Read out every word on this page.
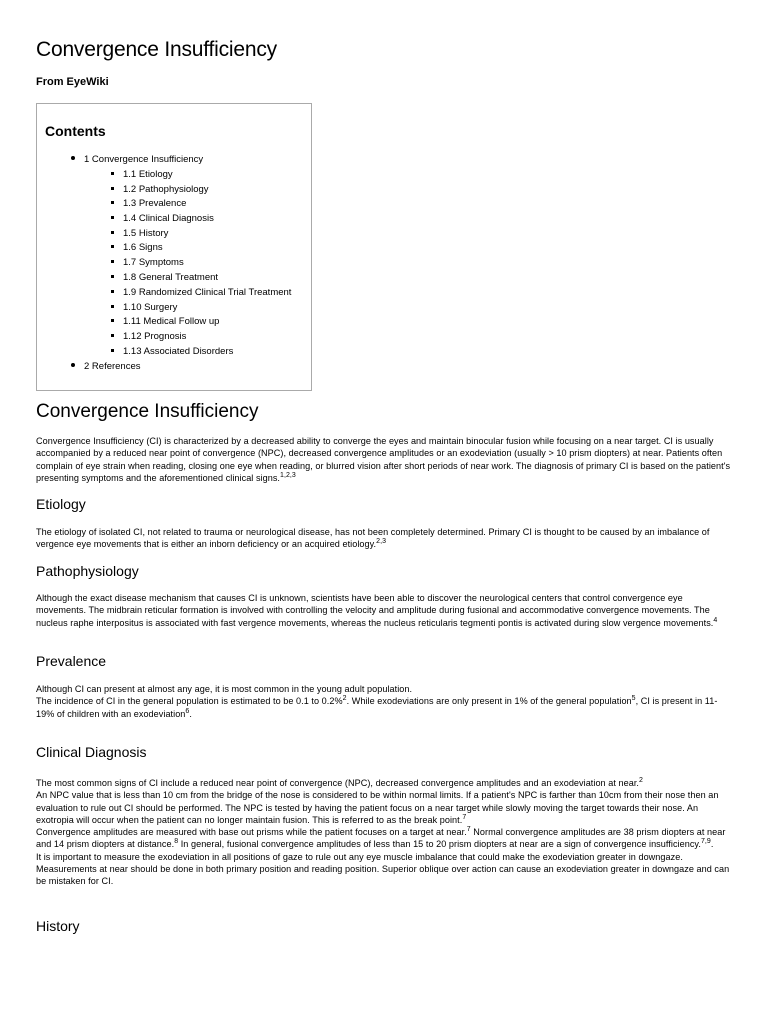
Convergence Insufficiency
From EyeWiki
Contents
1 Convergence Insufficiency
1.1 Etiology
1.2 Pathophysiology
1.3 Prevalence
1.4 Clinical Diagnosis
1.5 History
1.6 Signs
1.7 Symptoms
1.8 General Treatment
1.9 Randomized Clinical Trial Treatment
1.10 Surgery
1.11 Medical Follow up
1.12 Prognosis
1.13 Associated Disorders
2 References
Convergence Insufficiency

Convergence Insufficiency (CI) is characterized by a decreased ability to converge the eyes and maintain binocular fusion while focusing on a near target. CI is usually accompanied by a reduced near point of convergence (NPC), decreased convergence amplitudes or an exodeviation (usually > 10 prism diopters) at near. Patients often complain of eye strain when reading, closing one eye when reading, or blurred vision after short periods of near work. The diagnosis of primary CI is based on the patient's presenting symptoms and the aforementioned clinical signs.$^{1,2,3}$

Etiology

The etiology of isolated CI, not related to trauma or neurological disease, has not been completely determined. Primary CI is thought to be caused by an imbalance of vergence eye movements that is either an inborn deficiency or an acquired etiology.$^{2,3}$

Pathophysiology

Although the exact disease mechanism that causes CI is unknown, scientists have been able to discover the neurological centers that control convergence eye movements. The midbrain reticular formation is involved with controlling the velocity and amplitude during fusional and accommodative convergence movements. The nucleus raphe interpositus is associated with fast vergence movements, whereas the nucleus reticularis tegmenti pontis is activated during slow vergence movements.$^4$

Prevalence

Although CI can present at almost any age, it is most common in the young adult population.
The incidence of CI in the general population is estimated to be 0.1 to 0.2%$^2$. While exodeviations are only present in 1% of the general population$^5$, CI is present in 11-19% of children with an exodeviation$^6$.

Clinical Diagnosis

The most common signs of CI include a reduced near point of convergence (NPC), decreased convergence amplitudes and an exodeviation at near.$^2$
An NPC value that is less than 10 cm from the bridge of the nose is considered to be within normal limits. If a patient's NPC is farther than 10cm from their nose then an evaluation to rule out CI should be performed. The NPC is tested by having the patient focus on a near target while slowly moving the target towards their nose. An exotropia will occur when the patient can no longer maintain fusion. This is referred to as the break point.$^7$
Convergence amplitudes are measured with base out prisms while the patient focuses on a target at near.$^7$ Normal convergence amplitudes are 38 prism diopters at near and 14 prism diopters at distance.$^8$ In general, fusional convergence amplitudes of less than 15 to 20 prism diopters at near are a sign of convergence insufficiency.$^{7,9}$.
It is important to measure the exodeviation in all positions of gaze to rule out any eye muscle imbalance that could make the exodeviation greater in downgaze. Measurements at near should be done in both primary position and reading position. Superior oblique over action can cause an exodeviation greater in downgaze and can be mistaken for CI.

History
